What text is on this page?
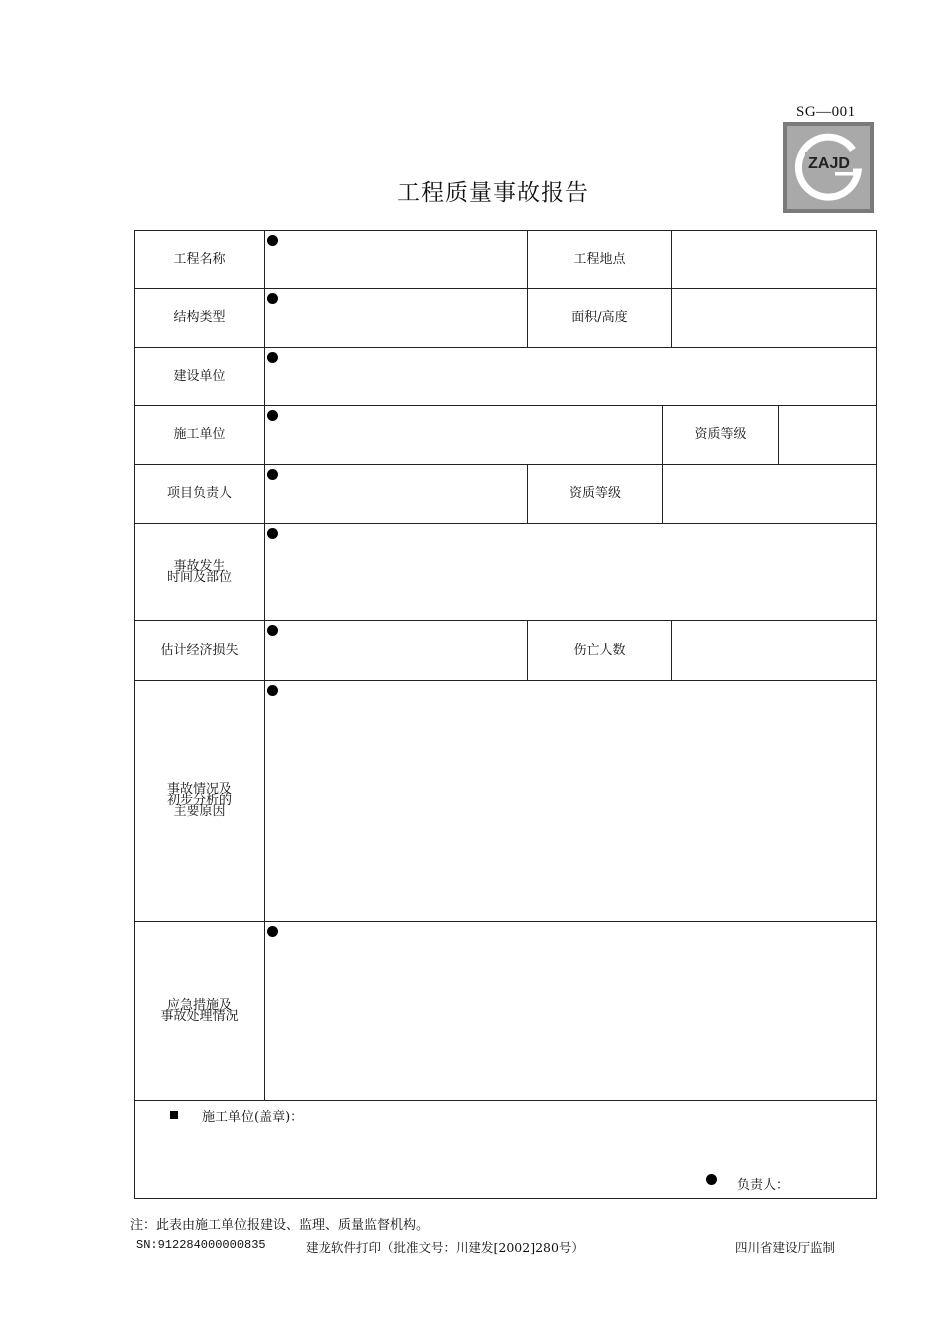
SG—001
ZAJD
工程质量事故报告
工程名称	工程地点
结构类型	面积/高度
建设单位
施工单位	资质等级
项目负责人	资质等级
事故发生
时间及部位
估计经济损失	伤亡人数
事故情况及
初步分析的
主要原因
应急措施及
事故处理情况
施工单位(盖章)：
负责人：
注：此表由施工单位报建设、监理、质量监督机构。
SN:912284000000835	建龙软件打印（批准文号：川建发[2002]280号）	四川省建设厅监制
